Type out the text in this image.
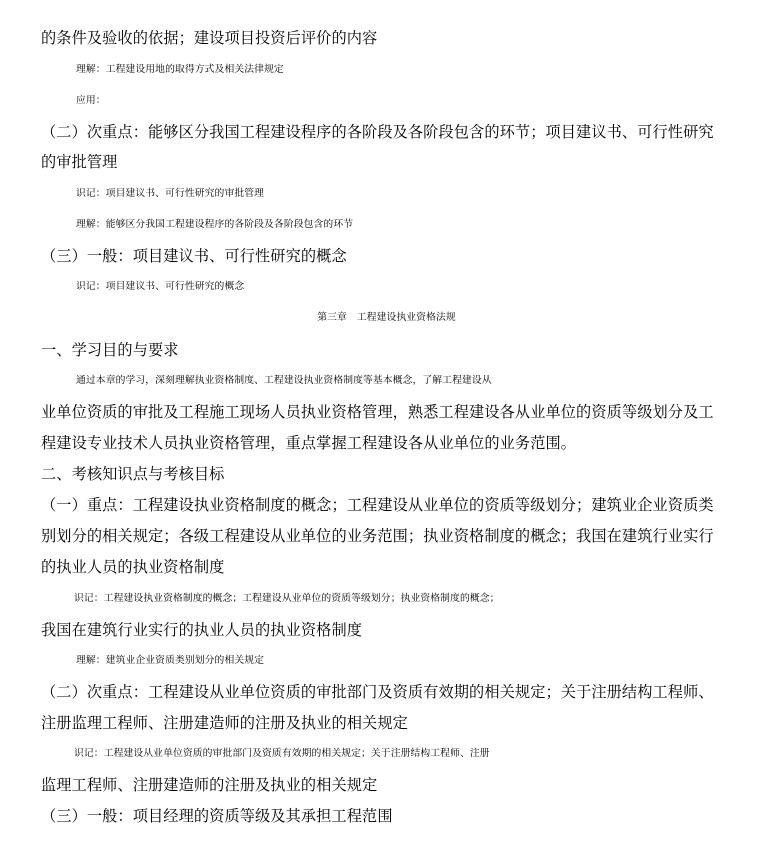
的条件及验收的依据；建设项目投资后评价的内容
理解：工程建设用地的取得方式及相关法律规定
应用：
（二）次重点：能够区分我国工程建设程序的各阶段及各阶段包含的环节；项目建议书、可行性研究
的审批管理
识记：项目建议书、可行性研究的审批管理
理解：能够区分我国工程建设程序的各阶段及各阶段包含的环节
（三）一般：项目建议书、可行性研究的概念
识记：项目建议书、可行性研究的概念
第三章　工程建设执业资格法规
一、学习目的与要求
通过本章的学习，深刻理解执业资格制度、工程建设执业资格制度等基本概念，了解工程建设从
业单位资质的审批及工程施工现场人员执业资格管理，熟悉工程建设各从业单位的资质等级划分及工
程建设专业技术人员执业资格管理，重点掌握工程建设各从业单位的业务范围。
二、考核知识点与考核目标
（一）重点：工程建设执业资格制度的概念；工程建设从业单位的资质等级划分；建筑业企业资质类
别划分的相关规定；各级工程建设从业单位的业务范围；执业资格制度的概念；我国在建筑行业实行
的执业人员的执业资格制度
识记：工程建设执业资格制度的概念；工程建设从业单位的资质等级划分；执业资格制度的概念；
我国在建筑行业实行的执业人员的执业资格制度
理解：建筑业企业资质类别划分的相关规定
（二）次重点：工程建设从业单位资质的审批部门及资质有效期的相关规定；关于注册结构工程师、
注册监理工程师、注册建造师的注册及执业的相关规定
识记：工程建设从业单位资质的审批部门及资质有效期的相关规定；关于注册结构工程师、注册
监理工程师、注册建造师的注册及执业的相关规定
（三）一般：项目经理的资质等级及其承担工程范围
